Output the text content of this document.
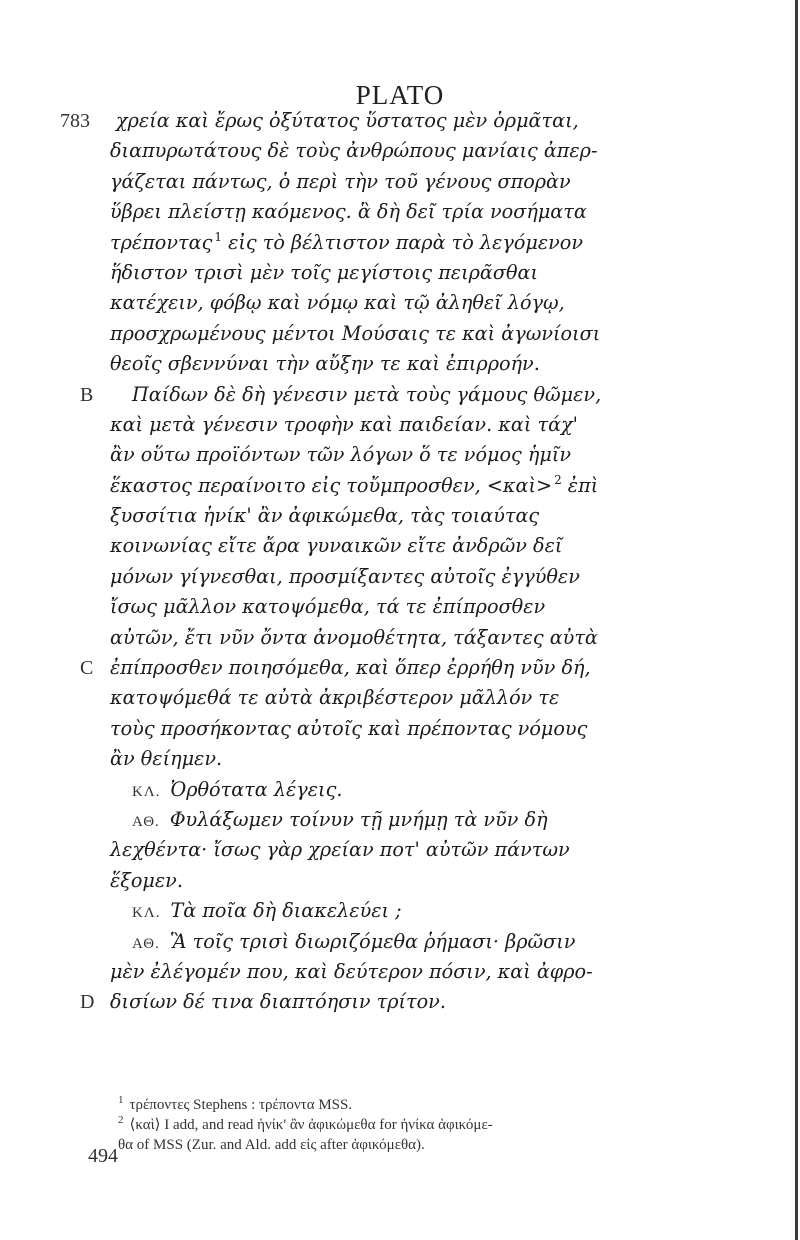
PLATO
783 χρεία καὶ ἔρως ὀξύτατος ὕστατος μὲν ὁρμᾶται,
διαπυρωτάτους δὲ τοὺς ἀνθρώπους μανίαις ἀπερ-
γάζεται πάντως, ὁ περὶ τὴν τοῦ γένους σπορὰν
ὕβρει πλείστῃ καόμενος. ἃ δὴ δεῖ τρία νοσήματα
τρέποντας $^1$ εἰς τὸ βέλτιστον παρὰ τὸ λεγόμενον
ἥδιστον τρισὶ μὲν τοῖς μεγίστοις πειρᾶσθαι
κατέχειν, φόβῳ καὶ νόμῳ καὶ τῷ ἀληθεῖ λόγῳ,
προσχρωμένους μέντοι Μούσαις τε καὶ ἀγωνίοισι
θεοῖς σβεννύναι τὴν αὔξην τε καὶ ἐπιρροήν.
B Παίδων δὲ δὴ γένεσιν μετὰ τοὺς γάμους θῶμεν,
καὶ μετὰ γένεσιν τροφὴν καὶ παιδείαν. καὶ τάχ'
ἂν οὕτω προϊόντων τῶν λόγων ὅ τε νόμος ἡμῖν
ἕκαστος περαίνοιτο εἰς τοὔμπροσθεν, <καὶ> $^2$ ἐπὶ
ξυσσίτια ἡνίκ' ἂν ἀφικώμεθα, τὰς τοιαύτας
κοινωνίας εἴτε ἄρα γυναικῶν εἴτε ἀνδρῶν δεῖ
μόνων γίγνεσθαι, προσμίξαντες αὐτοῖς ἐγγύθεν
ἴσως μᾶλλον κατοψόμεθα, τά τε ἐπίπροσθεν
αὐτῶν, ἔτι νῦν ὄντα ἀνομοθέτητα, τάξαντες αὐτὰ
C ἐπίπροσθεν ποιησόμεθα, καὶ ὅπερ ἐρρήθη νῦν δή,
κατοψόμεθά τε αὐτὰ ἀκριβέστερον μᾶλλόν τε
τοὺς προσήκοντας αὐτοῖς καὶ πρέποντας νόμους
ἂν θείημεν.
ΚΛ. Ὀρθότατα λέγεις.
ΑΘ. Φυλάξωμεν τοίνυν τῇ μνήμῃ τὰ νῦν δὴ
λεχθέντα· ἴσως γὰρ χρείαν ποτ' αὐτῶν πάντων
ἕξομεν.
ΚΛ. Τὰ ποῖα δὴ διακελεύει ;
ΑΘ. Ἃ τοῖς τρισὶ διωριζόμεθα ῥήμασι· βρῶσιν
μὲν ἐλέγομέν που, καὶ δεύτερον πόσιν, καὶ ἀφρο-
D δισίων δέ τινα διαπτόησιν τρίτον.
$^1$ τρέποντες Stephens : τρέποντα MSS.
$^2$ ⟨καὶ⟩ I add, and read ἡνίκ' ἂν ἀφικώμεθα for ἡνίκα ἀφικόμε-
θα of MSS (Zur. and Ald. add εἰς after ἀφικόμεθα).
494
